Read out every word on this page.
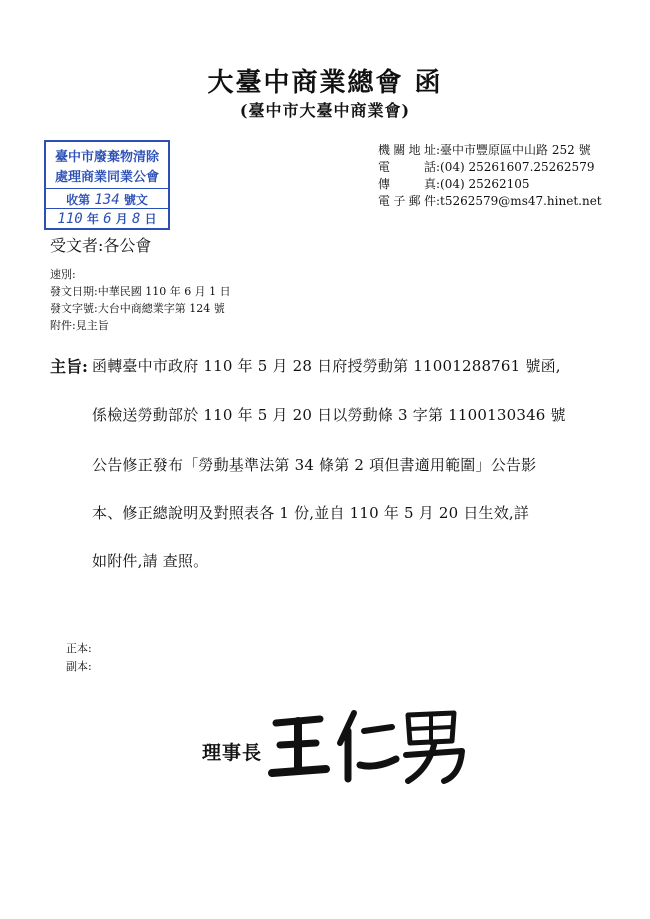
大臺中商業總會 函
(臺中市大臺中商業會)
臺中市廢棄物清除
處理商業同業公會
收第 134 號文
110 年 6 月 8 日
機關地址:臺中市豐原區中山路 252 號
電話:(04) 25261607.25262579
傳真:(04) 25262105
電子郵件:t5262579@ms47.hinet.net
受文者:各公會
速別:
發文日期:中華民國 110 年 6 月 1 日
發文字號:大台中商總業字第 124 號
附件:見主旨
主旨: 函轉臺中市政府 110 年 5 月 28 日府授勞動第 11001288761 號函,
係檢送勞動部於 110 年 5 月 20 日以勞動條 3 字第 1100130346 號
公告修正發布「勞動基準法第 34 條第 2 項但書適用範圍」公告影
本、修正總說明及對照表各 1 份,並自 110 年 5 月 20 日生效,詳
如附件,請 查照。
正本:
副本:
理事長
